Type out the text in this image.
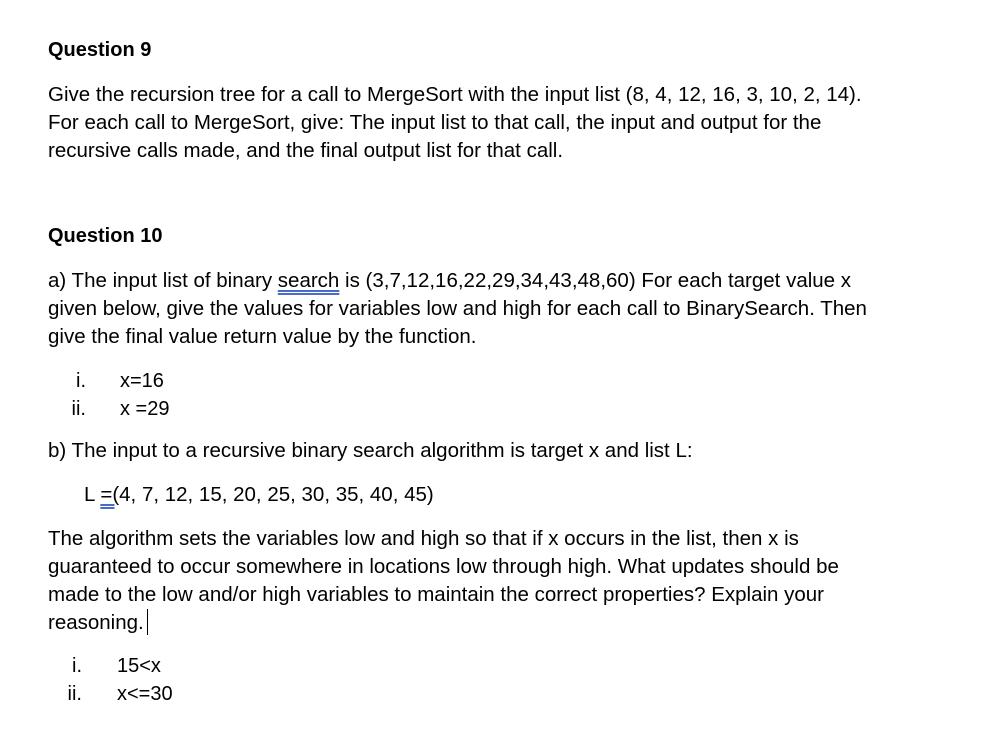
Question 9
Give the recursion tree for a call to MergeSort with the input list (8, 4, 12, 16, 3, 10, 2, 14).
For each call to MergeSort, give: The input list to that call, the input and output for the
recursive calls made, and the final output list for that call.
Question 10
a) The input list of binary search is (3,7,12,16,22,29,34,43,48,60) For each target value x
given below, give the values for variables low and high for each call to BinarySearch. Then
give the final value return value by the function.
i. x=16
ii. x =29
b) The input to a recursive binary search algorithm is target x and list L:
L =(4, 7, 12, 15, 20, 25, 30, 35, 40, 45)
The algorithm sets the variables low and high so that if x occurs in the list, then x is
guaranteed to occur somewhere in locations low through high. What updates should be
made to the low and/or high variables to maintain the correct properties? Explain your
reasoning.
i. 15<x
ii. x<=30
